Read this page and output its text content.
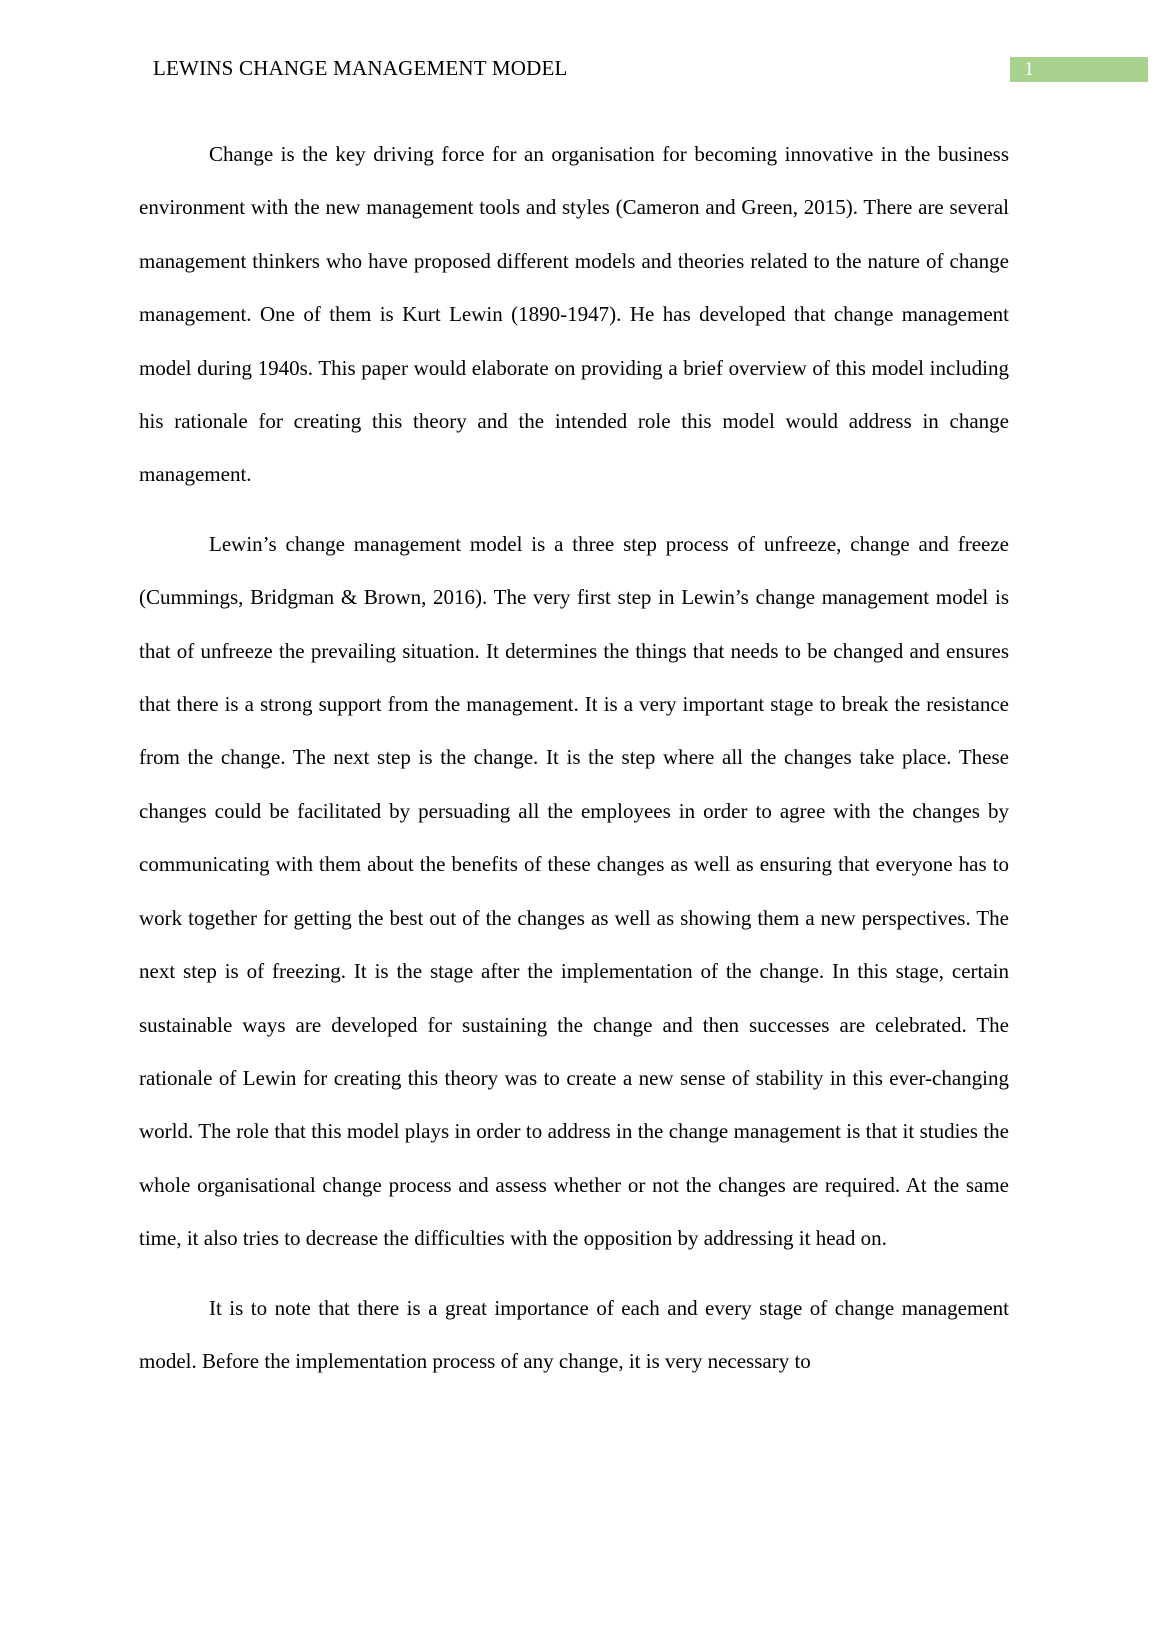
LEWINS CHANGE MANAGEMENT MODEL	1

Change is the key driving force for an organisation for becoming innovative in the business environment with the new management tools and styles (Cameron and Green, 2015). There are several management thinkers who have proposed different models and theories related to the nature of change management. One of them is Kurt Lewin (1890-1947). He has developed that change management model during 1940s. This paper would elaborate on providing a brief overview of this model including his rationale for creating this theory and the intended role this model would address in change management.

Lewin’s change management model is a three step process of unfreeze, change and freeze (Cummings, Bridgman & Brown, 2016). The very first step in Lewin’s change management model is that of unfreeze the prevailing situation. It determines the things that needs to be changed and ensures that there is a strong support from the management. It is a very important stage to break the resistance from the change. The next step is the change. It is the step where all the changes take place. These changes could be facilitated by persuading all the employees in order to agree with the changes by communicating with them about the benefits of these changes as well as ensuring that everyone has to work together for getting the best out of the changes as well as showing them a new perspectives. The next step is of freezing. It is the stage after the implementation of the change. In this stage, certain sustainable ways are developed for sustaining the change and then successes are celebrated. The rationale of Lewin for creating this theory was to create a new sense of stability in this ever-changing world. The role that this model plays in order to address in the change management is that it studies the whole organisational change process and assess whether or not the changes are required. At the same time, it also tries to decrease the difficulties with the opposition by addressing it head on.

It is to note that there is a great importance of each and every stage of change management model. Before the implementation process of any change, it is very necessary to
